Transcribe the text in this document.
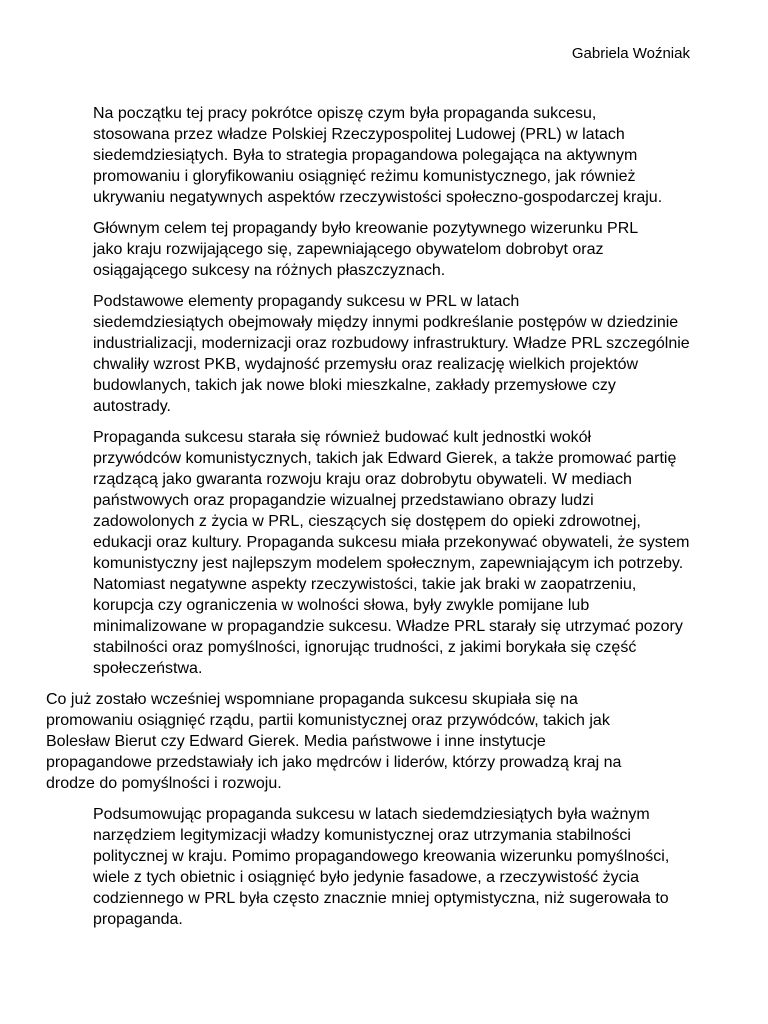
Gabriela Woźniak

Na początku tej pracy pokrótce opiszę czym była propaganda sukcesu,
stosowana przez władze Polskiej Rzeczypospolitej Ludowej (PRL) w latach
siedemdziesiątych. Była to strategia propagandowa polegająca na aktywnym
promowaniu i gloryfikowaniu osiągnięć reżimu komunistycznego, jak również
ukrywaniu negatywnych aspektów rzeczywistości społeczno-gospodarczej kraju.

Głównym celem tej propagandy było kreowanie pozytywnego wizerunku PRL
jako kraju rozwijającego się, zapewniającego obywatelom dobrobyt oraz
osiągającego sukcesy na różnych płaszczyznach.

Podstawowe elementy propagandy sukcesu w PRL w latach
siedemdziesiątych obejmowały między innymi podkreślanie postępów w dziedzinie
industrializacji, modernizacji oraz rozbudowy infrastruktury. Władze PRL szczególnie
chwaliły wzrost PKB, wydajność przemysłu oraz realizację wielkich projektów
budowlanych, takich jak nowe bloki mieszkalne, zakłady przemysłowe czy
autostrady.

Propaganda sukcesu starała się również budować kult jednostki wokół
przywódców komunistycznych, takich jak Edward Gierek, a także promować partię
rządzącą jako gwaranta rozwoju kraju oraz dobrobytu obywateli. W mediach
państwowych oraz propagandzie wizualnej przedstawiano obrazy ludzi
zadowolonych z życia w PRL, cieszących się dostępem do opieki zdrowotnej,
edukacji oraz kultury. Propaganda sukcesu miała przekonywać obywateli, że system
komunistyczny jest najlepszym modelem społecznym, zapewniającym ich potrzeby.
Natomiast negatywne aspekty rzeczywistości, takie jak braki w zaopatrzeniu,
korupcja czy ograniczenia w wolności słowa, były zwykle pomijane lub
minimalizowane w propagandzie sukcesu. Władze PRL starały się utrzymać pozory
stabilności oraz pomyślności, ignorując trudności, z jakimi borykała się część
społeczeństwa.

Co już zostało wcześniej wspomniane propaganda sukcesu skupiała się na
promowaniu osiągnięć rządu, partii komunistycznej oraz przywódców, takich jak
Bolesław Bierut czy Edward Gierek. Media państwowe i inne instytucje
propagandowe przedstawiały ich jako mędrców i liderów, którzy prowadzą kraj na
drodze do pomyślności i rozwoju.

Podsumowując propaganda sukcesu w latach siedemdziesiątych była ważnym
narzędziem legitymizacji władzy komunistycznej oraz utrzymania stabilności
politycznej w kraju. Pomimo propagandowego kreowania wizerunku pomyślności,
wiele z tych obietnic i osiągnięć było jedynie fasadowe, a rzeczywistość życia
codziennego w PRL była często znacznie mniej optymistyczna, niż sugerowała to
propaganda.
